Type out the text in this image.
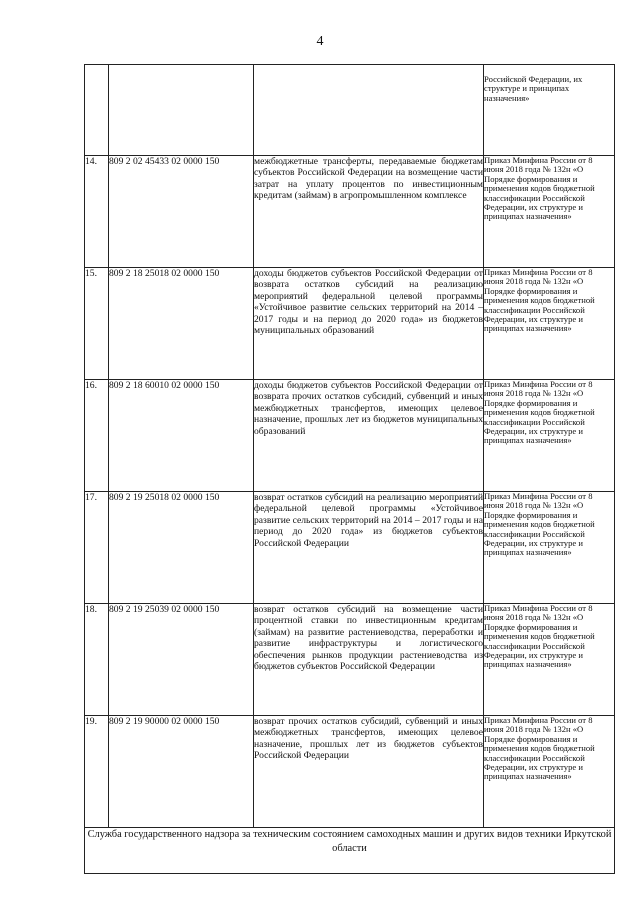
4
			Российской Федерации, их структуре и принципах назначения»
14.	809 2 02 45433 02 0000 150	межбюджетные трансферты, передаваемые бюджетам субъектов Российской Федерации на возмещение части затрат на уплату процентов по инвестиционным кредитам (займам) в агропромышленном комплексе	Приказ Минфина России от 8 июня 2018 года № 132н «О Порядке формирования и применения кодов бюджетной классификации Российской Федерации, их структуре и принципах назначения»
15.	809 2 18 25018 02 0000 150	доходы бюджетов субъектов Российской Федерации от возврата остатков субсидий на реализацию мероприятий федеральной целевой программы «Устойчивое развитие сельских территорий на 2014 – 2017 годы и на период до 2020 года» из бюджетов муниципальных образований	Приказ Минфина России от 8 июня 2018 года № 132н «О Порядке формирования и применения кодов бюджетной классификации Российской Федерации, их структуре и принципах назначения»
16.	809 2 18 60010 02 0000 150	доходы бюджетов субъектов Российской Федерации от возврата прочих остатков субсидий, субвенций и иных межбюджетных трансфертов, имеющих целевое назначение, прошлых лет из бюджетов муниципальных образований	Приказ Минфина России от 8 июня 2018 года № 132н «О Порядке формирования и применения кодов бюджетной классификации Российской Федерации, их структуре и принципах назначения»
17.	809 2 19 25018 02 0000 150	возврат остатков субсидий на реализацию мероприятий федеральной целевой программы «Устойчивое развитие сельских территорий на 2014 – 2017 годы и на период до 2020 года» из бюджетов субъектов Российской Федерации	Приказ Минфина России от 8 июня 2018 года № 132н «О Порядке формирования и применения кодов бюджетной классификации Российской Федерации, их структуре и принципах назначения»
18.	809 2 19 25039 02 0000 150	возврат остатков субсидий на возмещение части процентной ставки по инвестиционным кредитам (займам) на развитие растениеводства, переработки и развитие инфраструктуры и логистического обеспечения рынков продукции растениеводства из бюджетов субъектов Российской Федерации	Приказ Минфина России от 8 июня 2018 года № 132н «О Порядке формирования и применения кодов бюджетной классификации Российской Федерации, их структуре и принципах назначения»
19.	809 2 19 90000 02 0000 150	возврат прочих остатков субсидий, субвенций и иных межбюджетных трансфертов, имеющих целевое назначение, прошлых лет из бюджетов субъектов Российской Федерации	Приказ Минфина России от 8 июня 2018 года № 132н «О Порядке формирования и применения кодов бюджетной классификации Российской Федерации, их структуре и принципах назначения»
Служба государственного надзора за техническим состоянием самоходных машин и других видов техники Иркутской области			
